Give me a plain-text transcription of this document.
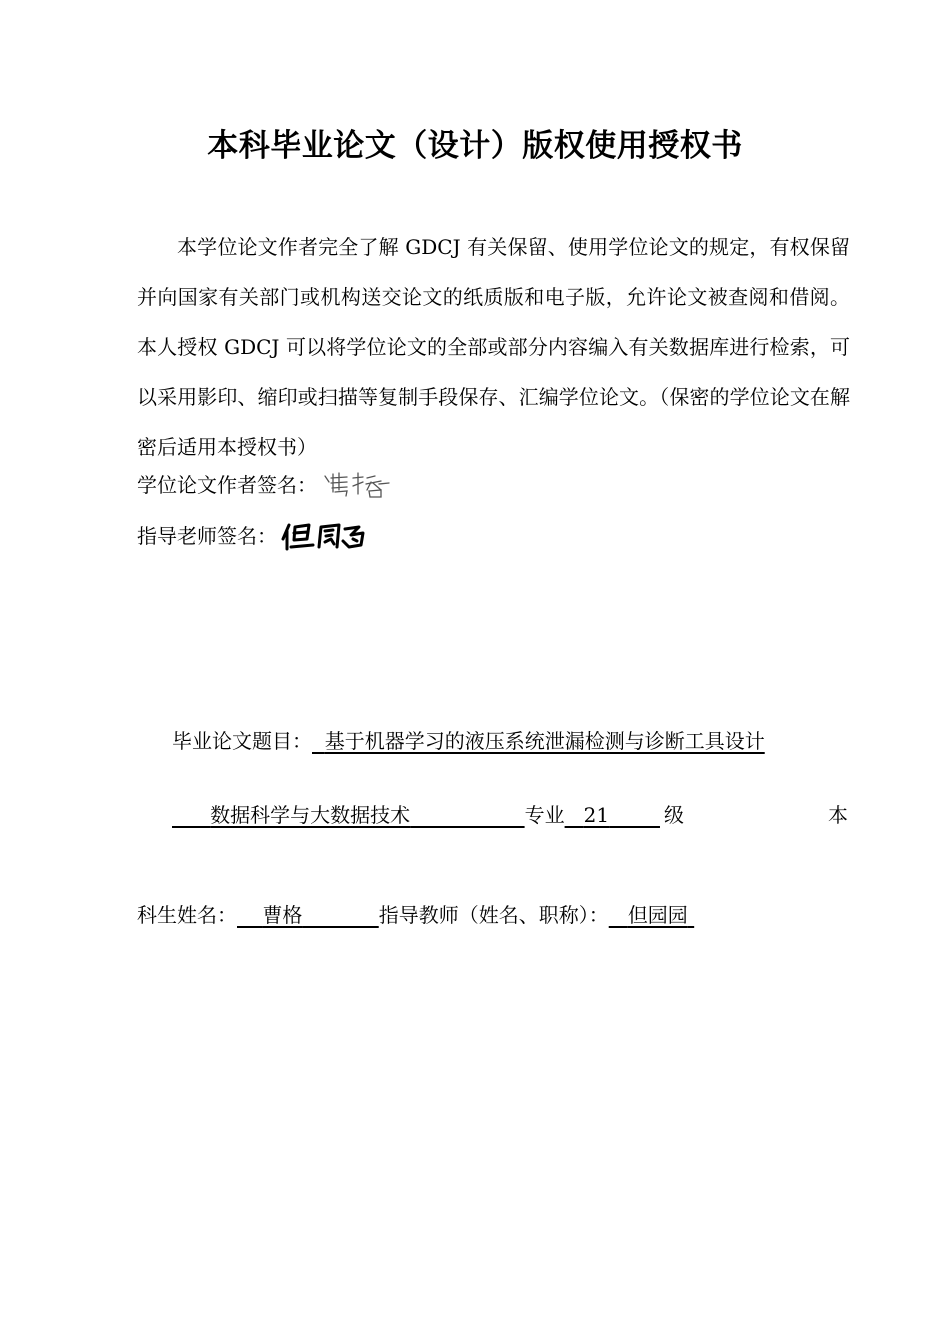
本科毕业论文（设计）版权使用授权书

本学位论文作者完全了解 GDCJ 有关保留、使用学位论文的规定，有权保留并向国家有关部门或机构送交论文的纸质版和电子版，允许论文被查阅和借阅。本人授权 GDCJ 可以将学位论文的全部或部分内容编入有关数据库进行检索，可以采用影印、缩印或扫描等复制手段保存、汇编学位论文。（保密的学位论文在解密后适用本授权书）

学位论文作者签名：
指导老师签名：
毕业论文题目： 基于机器学习的液压系统泄漏检测与诊断工具设计
数据科学与大数据技术	专业 21	级	本
科生姓名： 曹格	指导教师（姓名、职称）： 但园园
